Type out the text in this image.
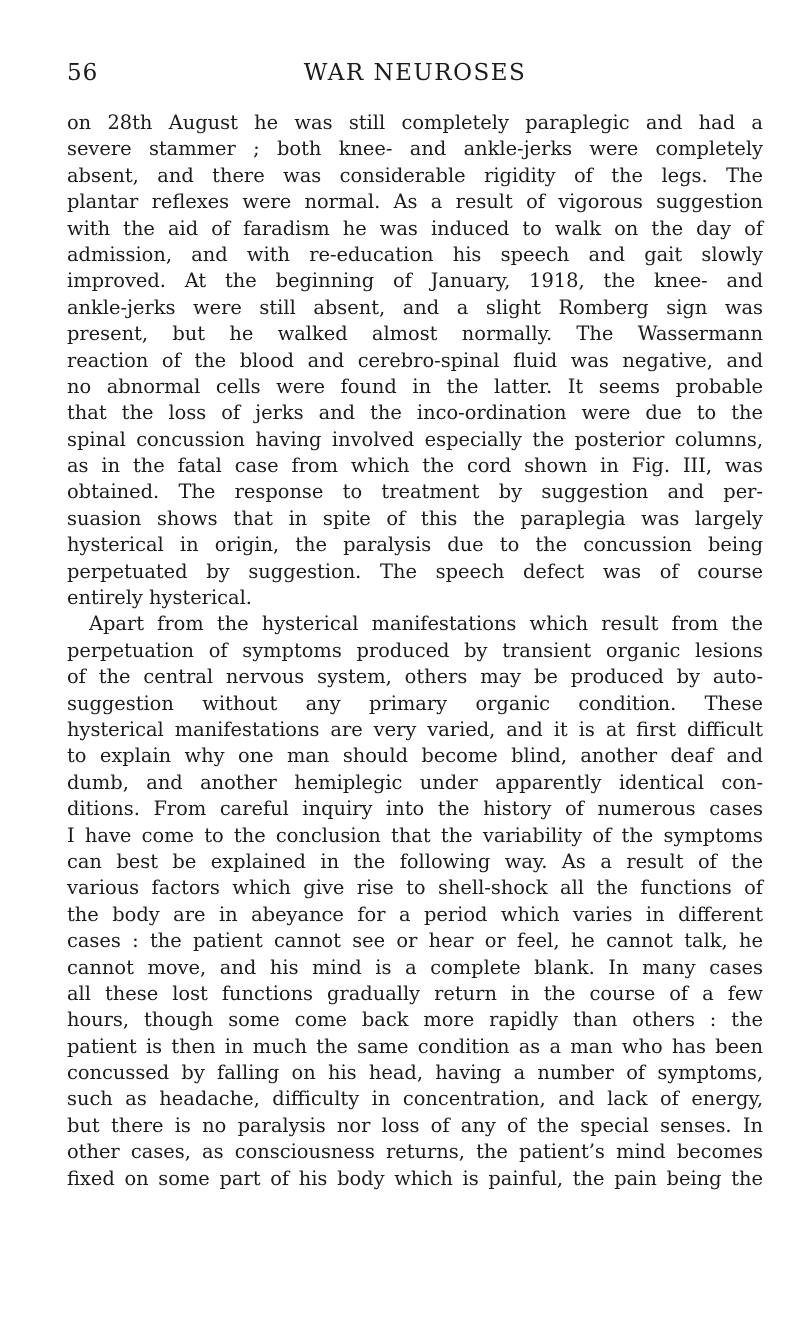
56	WAR NEUROSES
on 28th August he was still completely paraplegic and had a
severe stammer ; both knee- and ankle-jerks were completely
absent, and there was considerable rigidity of the legs. The
plantar reflexes were normal. As a result of vigorous suggestion
with the aid of faradism he was induced to walk on the day of
admission, and with re-education his speech and gait slowly
improved. At the beginning of January, 1918, the knee- and
ankle-jerks were still absent, and a slight Romberg sign was
present, but he walked almost normally. The Wassermann
reaction of the blood and cerebro-spinal fluid was negative, and
no abnormal cells were found in the latter. It seems probable
that the loss of jerks and the inco-ordination were due to the
spinal concussion having involved especially the posterior columns,
as in the fatal case from which the cord shown in Fig. III, was
obtained. The response to treatment by suggestion and per-
suasion shows that in spite of this the paraplegia was largely
hysterical in origin, the paralysis due to the concussion being
perpetuated by suggestion. The speech defect was of course
entirely hysterical.
Apart from the hysterical manifestations which result from the
perpetuation of symptoms produced by transient organic lesions
of the central nervous system, others may be produced by auto-
suggestion without any primary organic condition. These
hysterical manifestations are very varied, and it is at first difficult
to explain why one man should become blind, another deaf and
dumb, and another hemiplegic under apparently identical con-
ditions. From careful inquiry into the history of numerous cases
I have come to the conclusion that the variability of the symptoms
can best be explained in the following way. As a result of the
various factors which give rise to shell-shock all the functions of
the body are in abeyance for a period which varies in different
cases : the patient cannot see or hear or feel, he cannot talk, he
cannot move, and his mind is a complete blank. In many cases
all these lost functions gradually return in the course of a few
hours, though some come back more rapidly than others : the
patient is then in much the same condition as a man who has been
concussed by falling on his head, having a number of symptoms,
such as headache, difficulty in concentration, and lack of energy,
but there is no paralysis nor loss of any of the special senses. In
other cases, as consciousness returns, the patient’s mind becomes
fixed on some part of his body which is painful, the pain being the
